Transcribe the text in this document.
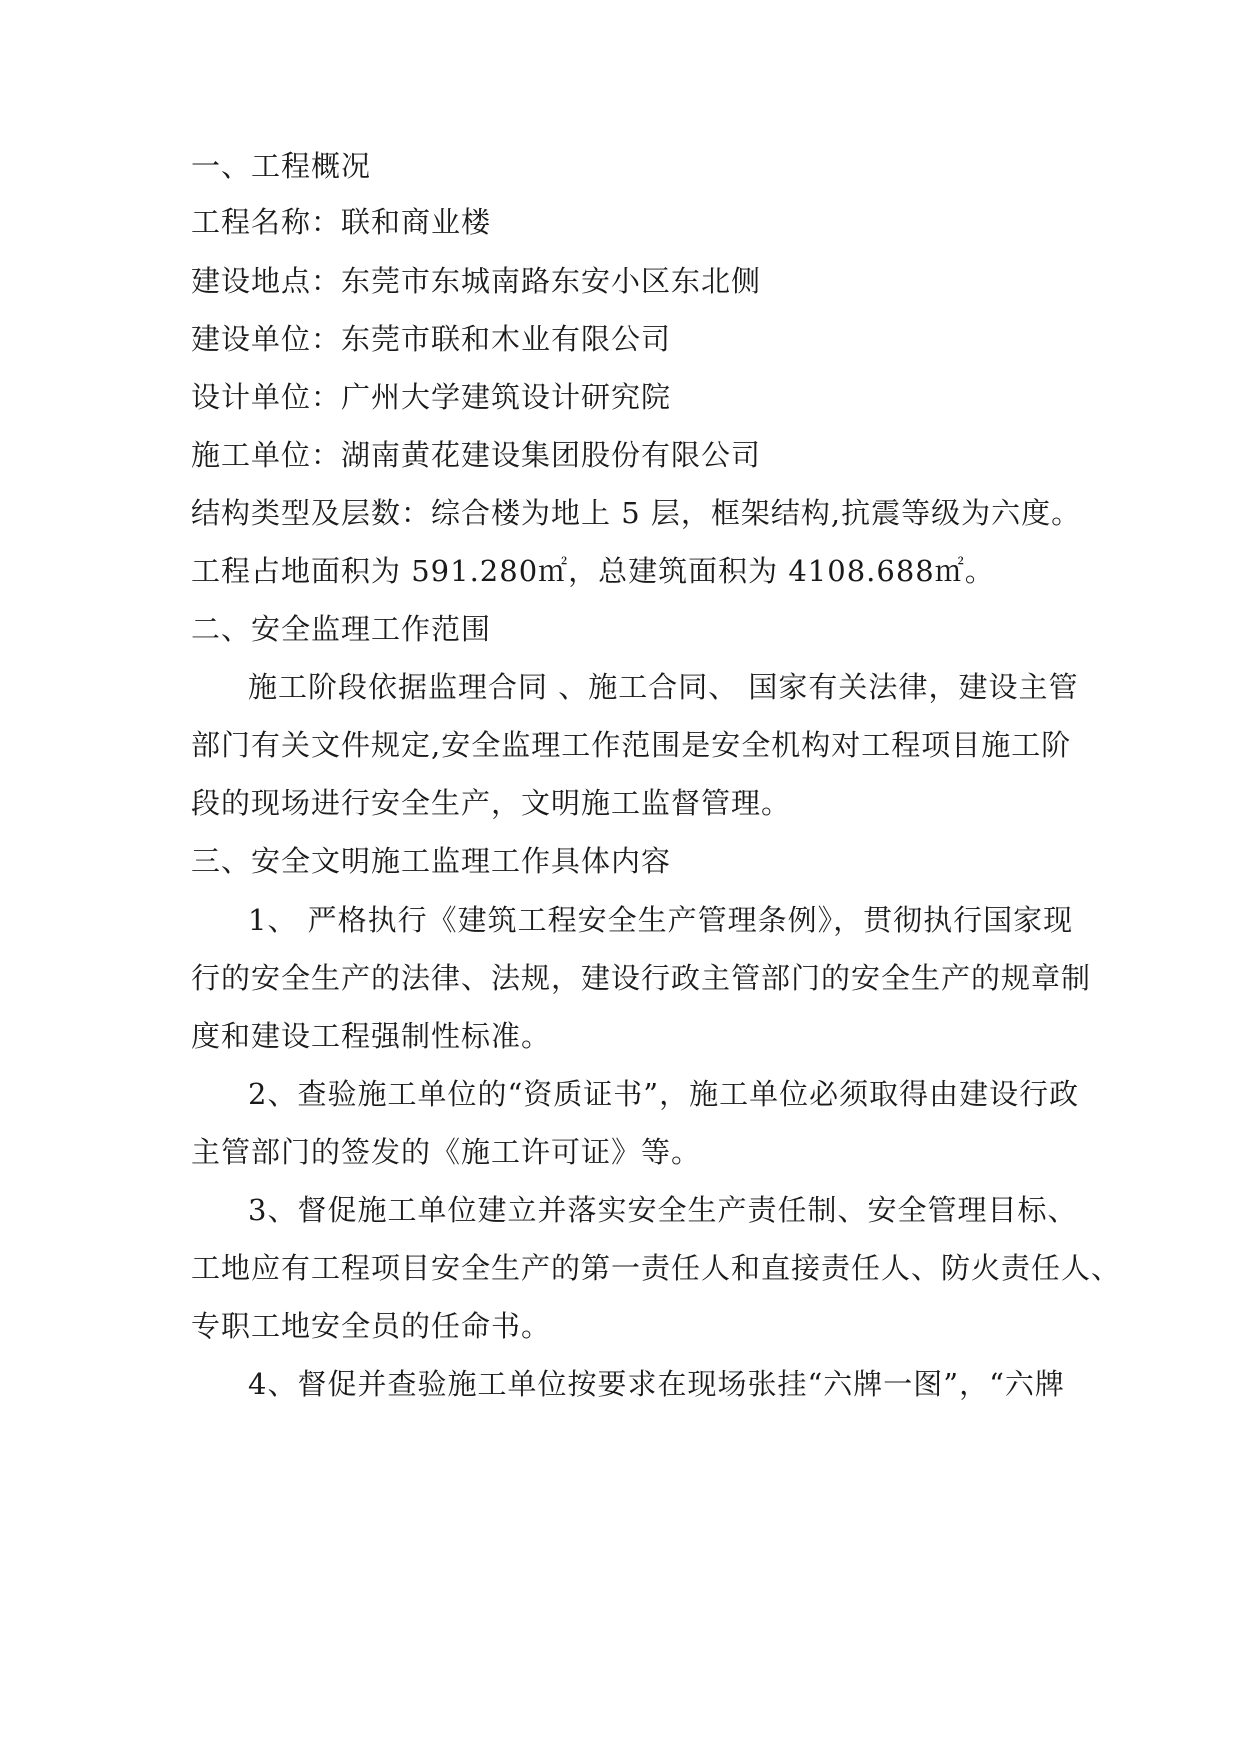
一、工程概况
工程名称：联和商业楼
建设地点：东莞市东城南路东安小区东北侧
建设单位：东莞市联和木业有限公司
设计单位：广州大学建筑设计研究院
施工单位：湖南黄花建设集团股份有限公司
结构类型及层数：综合楼为地上 5 层，框架结构,抗震等级为六度。
工程占地面积为 591.280㎡，总建筑面积为 4108.688㎡。
二、安全监理工作范围
施工阶段依据监理合同 、施工合同、 国家有关法律，建设主管
部门有关文件规定,安全监理工作范围是安全机构对工程项目施工阶
段的现场进行安全生产，文明施工监督管理。
三、安全文明施工监理工作具体内容
1、 严格执行《建筑工程安全生产管理条例》，贯彻执行国家现
行的安全生产的法律、法规，建设行政主管部门的安全生产的规章制
度和建设工程强制性标准。
2、查验施工单位的“资质证书”，施工单位必须取得由建设行政
主管部门的签发的《施工许可证》等。
3、督促施工单位建立并落实安全生产责任制、安全管理目标、
工地应有工程项目安全生产的第一责任人和直接责任人、防火责任人、
专职工地安全员的任命书。
4、督促并查验施工单位按要求在现场张挂“六牌一图”，“六牌
